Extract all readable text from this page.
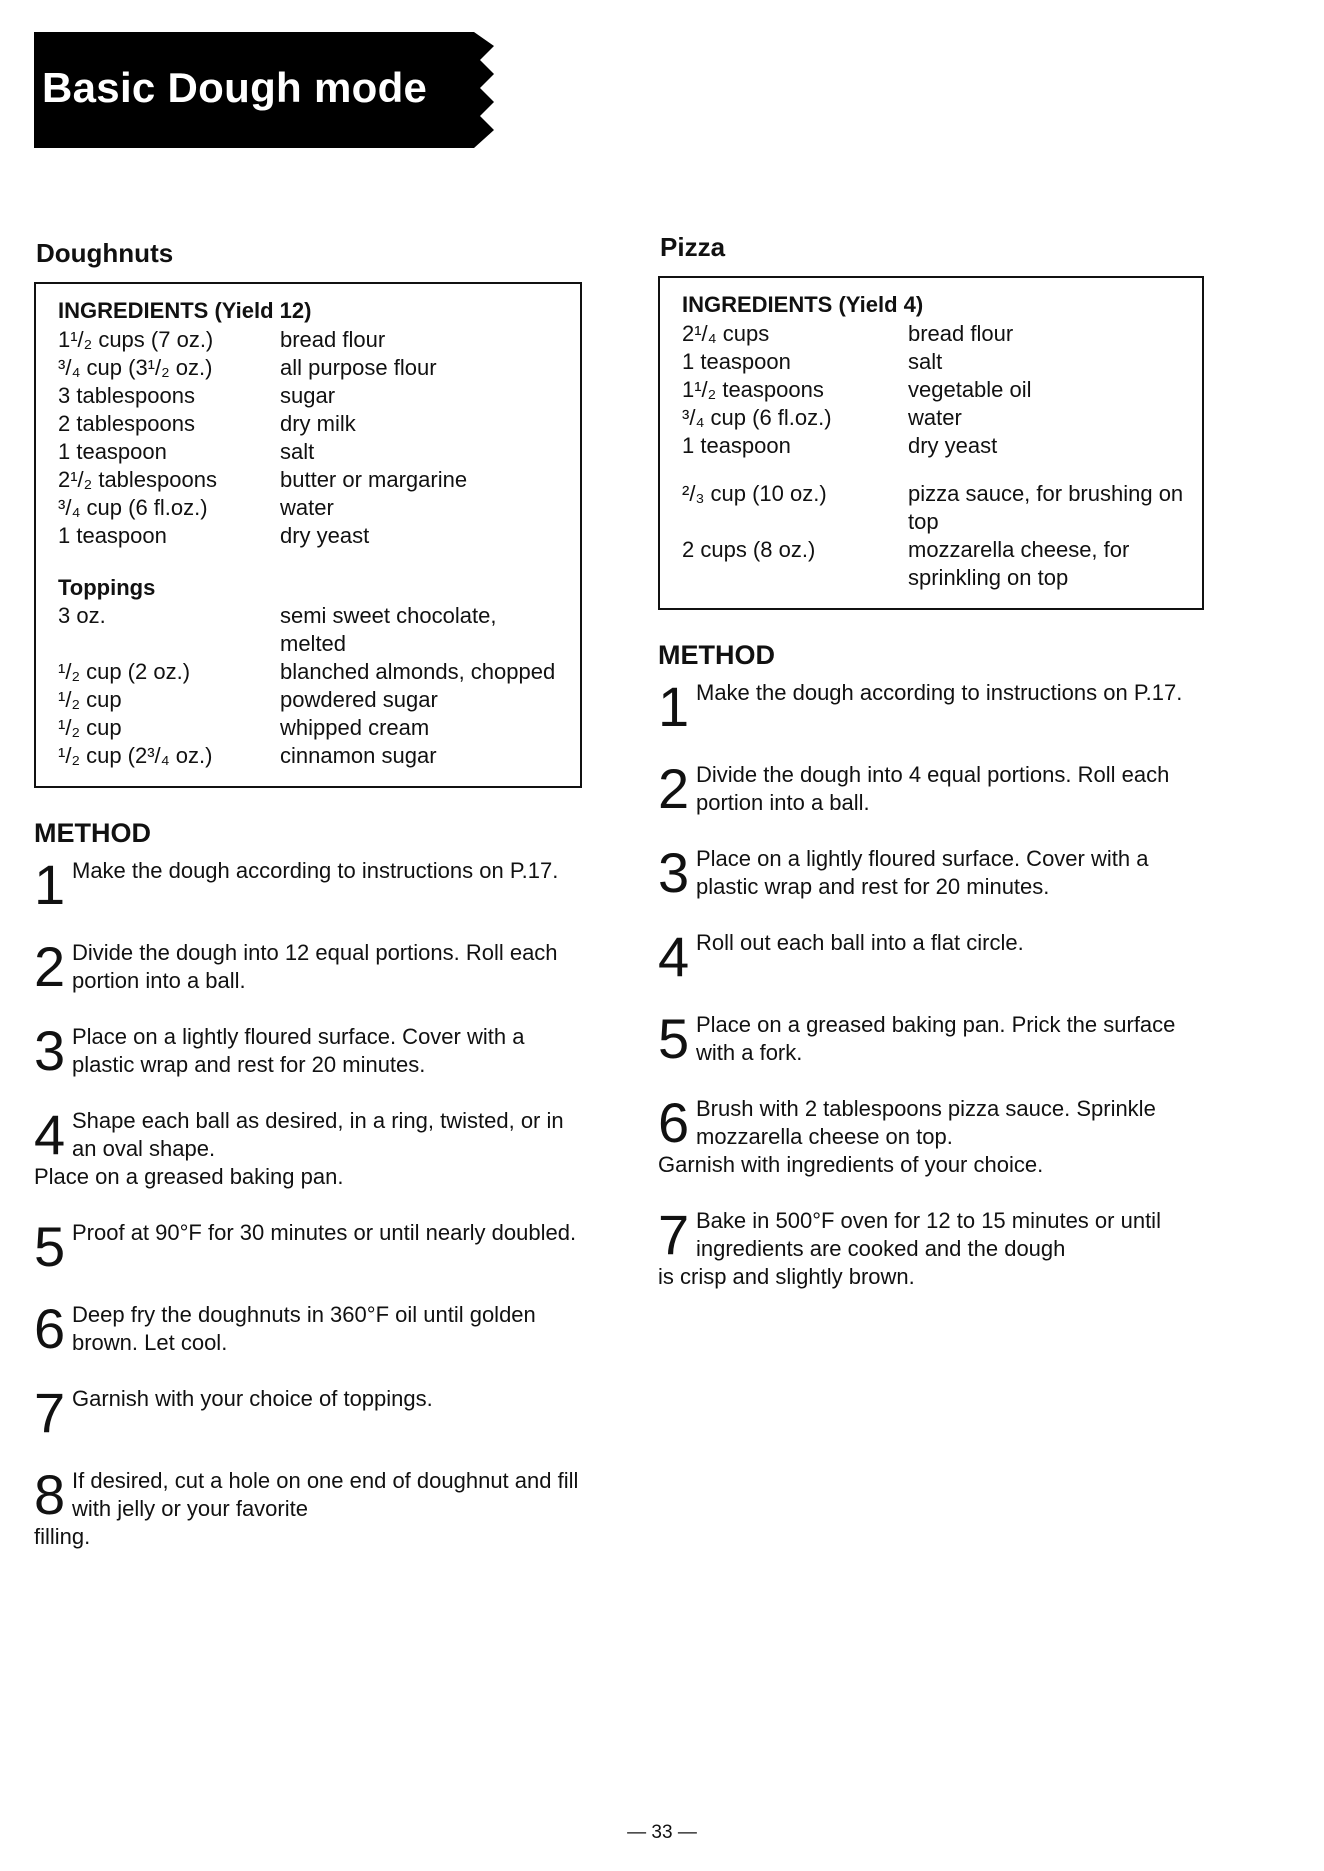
Basic Dough mode
Doughnuts
INGREDIENTS (Yield 12)
1¹/₂ cups (7 oz.)	bread flour
³/₄ cup (3¹/₂ oz.)	all purpose flour
3 tablespoons	sugar
2 tablespoons	dry milk
1 teaspoon	salt
2¹/₂ tablespoons	butter or margarine
³/₄ cup (6 fl.oz.)	water
1 teaspoon	dry yeast
Toppings
3 oz.	semi sweet chocolate, melted
¹/₂ cup (2 oz.)	blanched almonds, chopped
¹/₂ cup	powdered sugar
¹/₂ cup	whipped cream
¹/₂ cup (2³/₄ oz.)	cinnamon sugar
METHOD
1 Make the dough according to instructions on P.17.
2 Divide the dough into 12 equal portions. Roll each portion into a ball.
3 Place on a lightly floured surface. Cover with a plastic wrap and rest for 20 minutes.
4 Shape each ball as desired, in a ring, twisted, or in an oval shape.
Place on a greased baking pan.
5 Proof at 90°F for 30 minutes or until nearly doubled.
6 Deep fry the doughnuts in 360°F oil until golden brown. Let cool.
7 Garnish with your choice of toppings.
8 If desired, cut a hole on one end of doughnut and fill with jelly or your favorite
filling.
Pizza
INGREDIENTS (Yield 4)
2¹/₄ cups	bread flour
1 teaspoon	salt
1¹/₂ teaspoons	vegetable oil
³/₄ cup (6 fl.oz.)	water
1 teaspoon	dry yeast
²/₃ cup (10 oz.)	pizza sauce, for brushing on top
2 cups (8 oz.)	mozzarella cheese, for sprinkling on top
METHOD
1 Make the dough according to instructions on P.17.
2 Divide the dough into 4 equal portions. Roll each portion into a ball.
3 Place on a lightly floured surface. Cover with a plastic wrap and rest for 20 minutes.
4 Roll out each ball into a flat circle.
5 Place on a greased baking pan. Prick the surface with a fork.
6 Brush with 2 tablespoons pizza sauce. Sprinkle mozzarella cheese on top.
Garnish with ingredients of your choice.
7 Bake in 500°F oven for 12 to 15 minutes or until ingredients are cooked and the dough
is crisp and slightly brown.
— 33 —
